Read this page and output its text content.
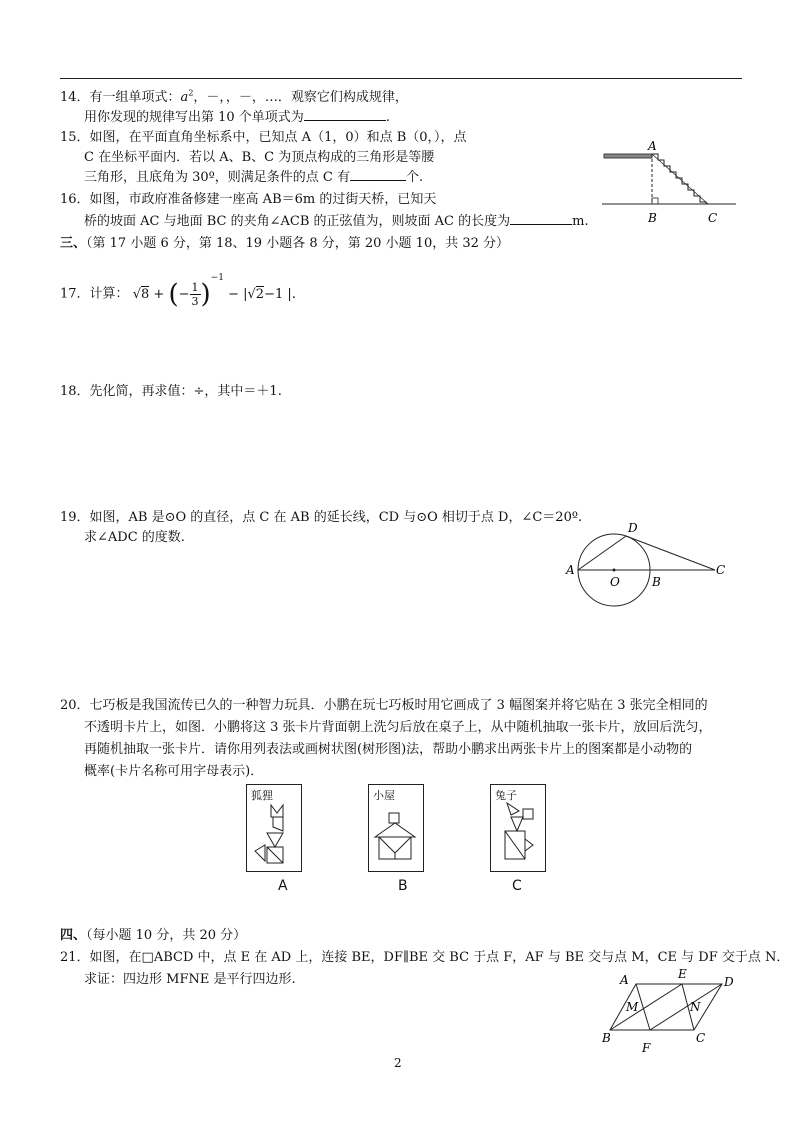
14．有一组单项式：$a^2$，－，，－，…．观察它们构成规律，
用你发现的规律写出第 10 个单项式为	.
15．如图，在平面直角坐标系中，已知点 A（1，0）和点 B（0，），点
C 在坐标平面内．若以 A、B、C 为顶点构成的三角形是等腰
三角形，且底角为 30º，则满足条件的点 C 有	个.
16．如图，市政府准备修建一座高 AB＝6m 的过街天桥，已知天
桥的坡面 AC 与地面 BC 的夹角∠ACB 的正弦值为，则坡面 AC 的长度为	m.
A
B	C
三、（第 17 小题 6 分，第 18、19 小题各 8 分，第 20 小题 10，共 32 分）
17．计算： √8 + (− $\frac{1}{3} )^{-1} - |√2-1$ |.
18．先化简，再求值：÷，其中＝＋1.
19．如图，AB 是⊙O 的直径，点 C 在 AB 的延长线，CD 与⊙O 相切于点 D，∠C＝20º.
求∠ADC 的度数.
A
O	B
C
D
20．七巧板是我国流传已久的一种智力玩具．小鹏在玩七巧板时用它画成了 3 幅图案并将它贴在 3 张完全相同的
不透明卡片上，如图．小鹏将这 3 张卡片背面朝上洗匀后放在桌子上，从中随机抽取一张卡片，放回后洗匀，
再随机抽取一张卡片．请你用列表法或画树状图(树形图)法，帮助小鹏求出两张卡片上的图案都是小动物的
概率(卡片名称可用字母表示)．
狐狸
A
小屋
B
兔子
C
四、（每小题 10 分，共 20 分）
21．如图，在□ABCD 中，点 E 在 AD 上，连接 BE，DF∥BE 交 BC 于点 F，AF 与 BE 交与点 M，CE 与 DF 交于点 N．
求证：四边形 MFNE 是平行四边形.	A	E
D
M	N
B
F
C
2
